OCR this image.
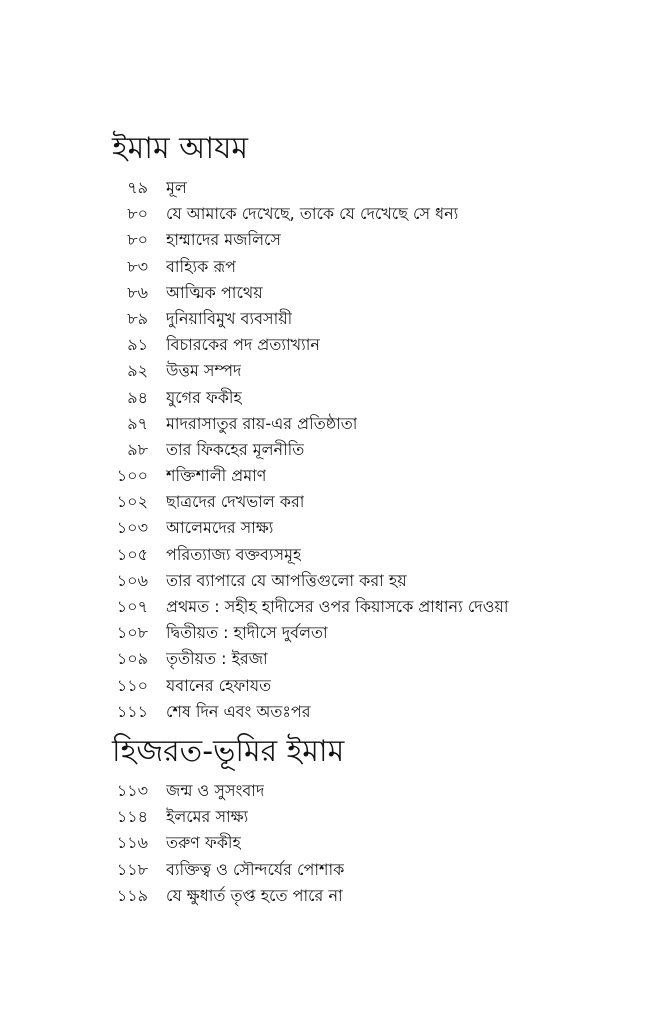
ইমাম আযম
৭৯ মূল
৮০ যে আমাকে দেখেছে, তাকে যে দেখেছে সে ধন্য
৮০ হাম্মাদের মজলিসে
৮৩ বাহ্যিক রূপ
৮৬ আত্মিক পাথেয়
৮৯ দুনিয়াবিমুখ ব্যবসায়ী
৯১ বিচারকের পদ প্রত্যাখ্যান
৯২ উত্তম সম্পদ
৯৪ যুগের ফকীহ
৯৭ মাদরাসাতুর রায়-এর প্রতিষ্ঠাতা
৯৮ তার ফিকহের মূলনীতি
১০০ শক্তিশালী প্রমাণ
১০২ ছাত্রদের দেখভাল করা
১০৩ আলেমদের সাক্ষ্য
১০৫ পরিত্যাজ্য বক্তব্যসমূহ
১০৬ তার ব্যাপারে যে আপত্তিগুলো করা হয়
১০৭ প্রথমত : সহীহ হাদীসের ওপর কিয়াসকে প্রাধান্য দেওয়া
১০৮ দ্বিতীয়ত : হাদীসে দুর্বলতা
১০৯ তৃতীয়ত : ইরজা
১১০ যবানের হেফাযত
১১১ শেষ দিন এবং অতঃপর
হিজরত-ভূমির ইমাম
১১৩ জন্ম ও সুসংবাদ
১১৪ ইলমের সাক্ষ্য
১১৬ তরুণ ফকীহ
১১৮ ব্যক্তিত্ব ও সৌন্দর্যের পোশাক
১১৯ যে ক্ষুধার্ত তৃপ্ত হতে পারে না
